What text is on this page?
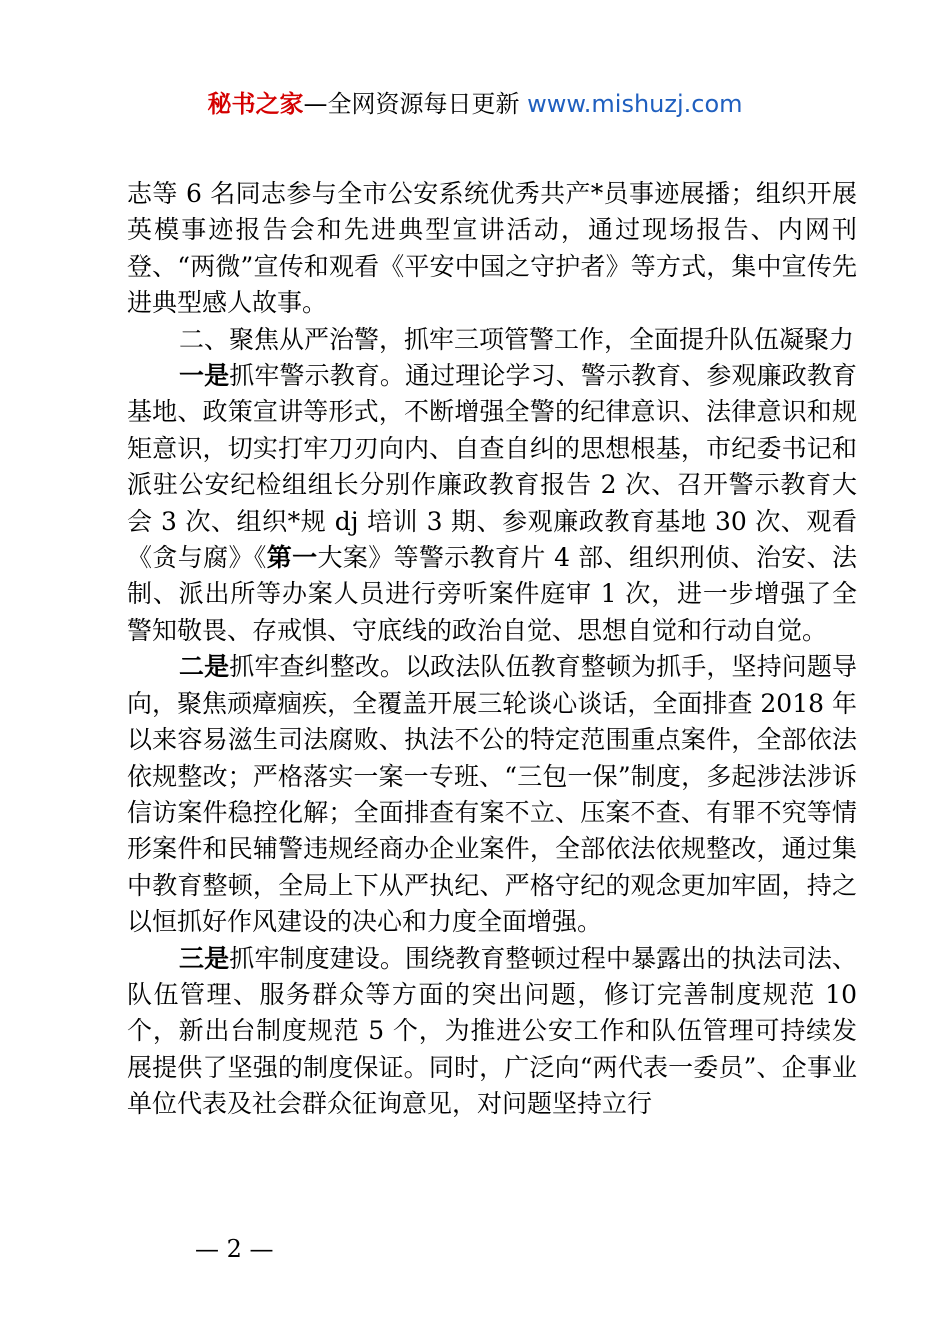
秘书之家—全网资源每日更新 www.mishuzj.com

志等 6 名同志参与全市公安系统优秀共产*员事迹展播；组织开展英模事迹报告会和先进典型宣讲活动，通过现场报告、内网刊登、“两微”宣传和观看《平安中国之守护者》等方式，集中宣传先进典型感人故事。

二、聚焦从严治警，抓牢三项管警工作，全面提升队伍凝聚力

一是抓牢警示教育。通过理论学习、警示教育、参观廉政教育基地、政策宣讲等形式，不断增强全警的纪律意识、法律意识和规矩意识，切实打牢刀刃向内、自查自纠的思想根基，市纪委书记和派驻公安纪检组组长分别作廉政教育报告 2 次、召开警示教育大会 3 次、组织*规 dj 培训 3 期、参观廉政教育基地 30 次、观看《贪与腐》《第一大案》等警示教育片 4 部、组织刑侦、治安、法制、派出所等办案人员进行旁听案件庭审 1 次，进一步增强了全警知敬畏、存戒惧、守底线的政治自觉、思想自觉和行动自觉。

二是抓牢查纠整改。以政法队伍教育整顿为抓手，坚持问题导向，聚焦顽瘴痼疾，全覆盖开展三轮谈心谈话，全面排查 2018 年以来容易滋生司法腐败、执法不公的特定范围重点案件，全部依法依规整改；严格落实一案一专班、“三包一保”制度，多起涉法涉诉信访案件稳控化解；全面排查有案不立、压案不查、有罪不究等情形案件和民辅警违规经商办企业案件，全部依法依规整改，通过集中教育整顿，全局上下从严执纪、严格守纪的观念更加牢固，持之以恒抓好作风建设的决心和力度全面增强。

三是抓牢制度建设。围绕教育整顿过程中暴露出的执法司法、队伍管理、服务群众等方面的突出问题，修订完善制度规范 10 个，新出台制度规范 5 个，为推进公安工作和队伍管理可持续发展提供了坚强的制度保证。同时，广泛向“两代表一委员”、企事业单位代表及社会群众征询意见，对问题坚持立行

— 2 —
